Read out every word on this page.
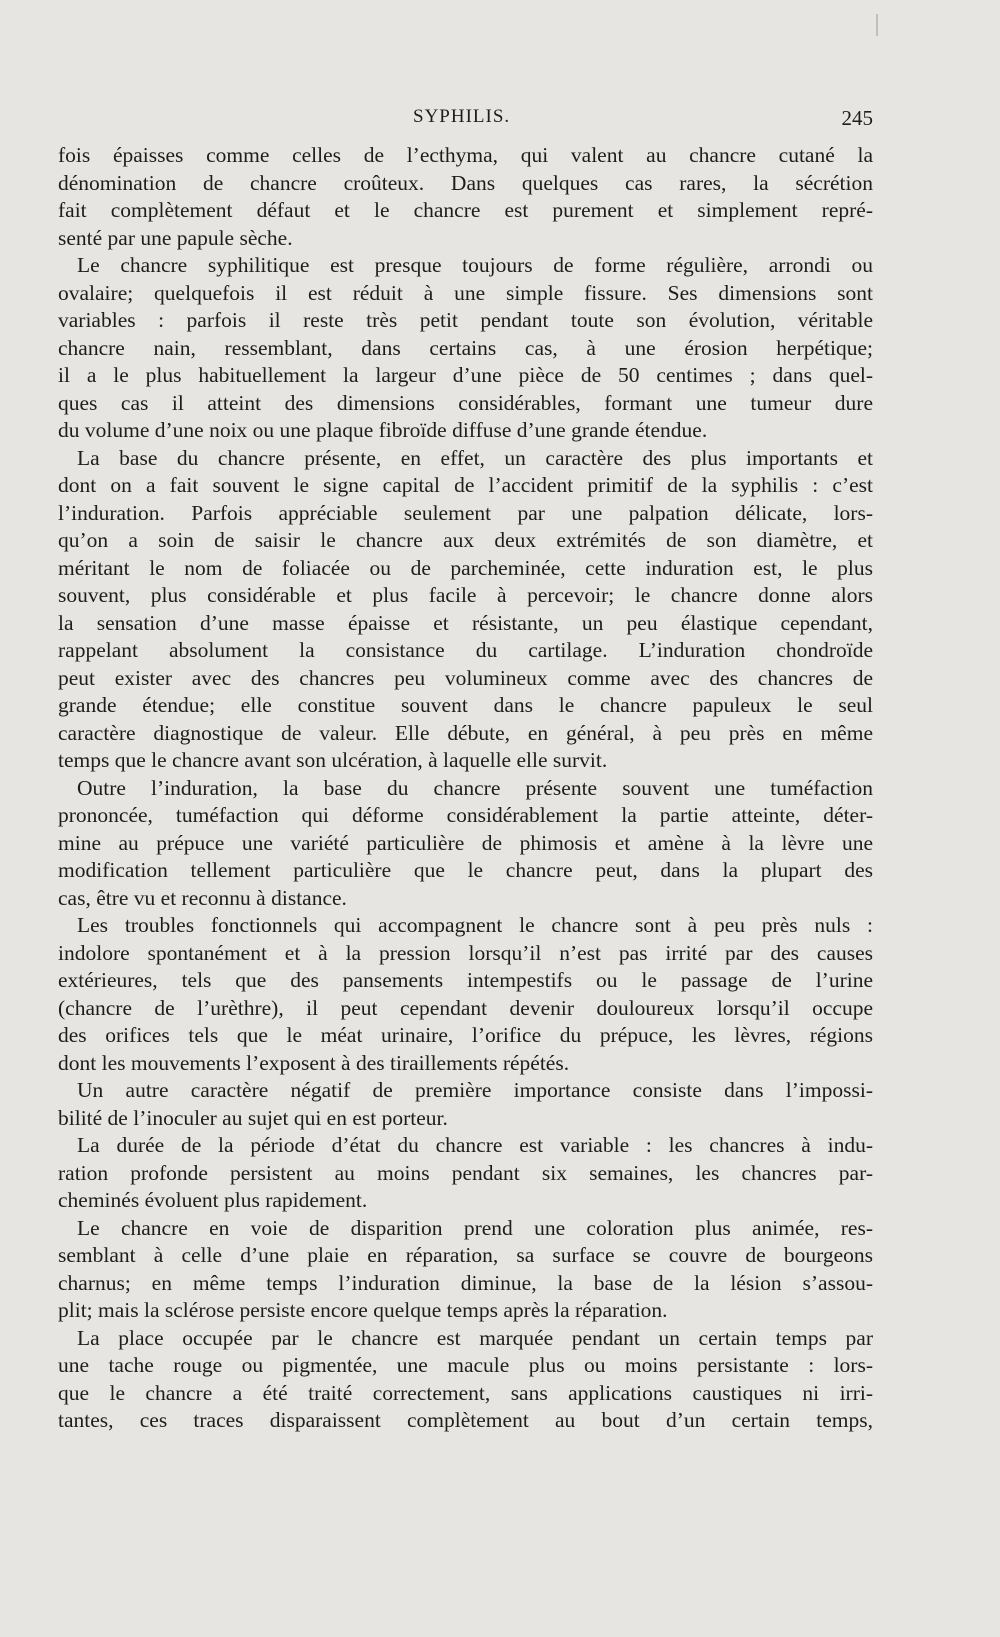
SYPHILIS.	245
fois épaisses comme celles de l’ecthyma, qui valent au chancre cutané la
dénomination de chancre croûteux. Dans quelques cas rares, la sécrétion
fait complètement défaut et le chancre est purement et simplement repré-
senté par une papule sèche.
Le chancre syphilitique est presque toujours de forme régulière, arrondi ou
ovalaire; quelquefois il est réduit à une simple fissure. Ses dimensions sont
variables : parfois il reste très petit pendant toute son évolution, véritable
chancre nain, ressemblant, dans certains cas, à une érosion herpétique;
il a le plus habituellement la largeur d’une pièce de 50 centimes ; dans quel-
ques cas il atteint des dimensions considérables, formant une tumeur dure
du volume d’une noix ou une plaque fibroïde diffuse d’une grande étendue.
La base du chancre présente, en effet, un caractère des plus importants et
dont on a fait souvent le signe capital de l’accident primitif de la syphilis : c’est
l’induration. Parfois appréciable seulement par une palpation délicate, lors-
qu’on a soin de saisir le chancre aux deux extrémités de son diamètre, et
méritant le nom de foliacée ou de parcheminée, cette induration est, le plus
souvent, plus considérable et plus facile à percevoir; le chancre donne alors
la sensation d’une masse épaisse et résistante, un peu élastique cependant,
rappelant absolument la consistance du cartilage. L’induration chondroïde
peut exister avec des chancres peu volumineux comme avec des chancres de
grande étendue; elle constitue souvent dans le chancre papuleux le seul
caractère diagnostique de valeur. Elle débute, en général, à peu près en même
temps que le chancre avant son ulcération, à laquelle elle survit.
Outre l’induration, la base du chancre présente souvent une tuméfaction
prononcée, tuméfaction qui déforme considérablement la partie atteinte, déter-
mine au prépuce une variété particulière de phimosis et amène à la lèvre une
modification tellement particulière que le chancre peut, dans la plupart des
cas, être vu et reconnu à distance.
Les troubles fonctionnels qui accompagnent le chancre sont à peu près nuls :
indolore spontanément et à la pression lorsqu’il n’est pas irrité par des causes
extérieures, tels que des pansements intempestifs ou le passage de l’urine
(chancre de l’urèthre), il peut cependant devenir douloureux lorsqu’il occupe
des orifices tels que le méat urinaire, l’orifice du prépuce, les lèvres, régions
dont les mouvements l’exposent à des tiraillements répétés.
Un autre caractère négatif de première importance consiste dans l’impossi-
bilité de l’inoculer au sujet qui en est porteur.
La durée de la période d’état du chancre est variable : les chancres à indu-
ration profonde persistent au moins pendant six semaines, les chancres par-
cheminés évoluent plus rapidement.
Le chancre en voie de disparition prend une coloration plus animée, res-
semblant à celle d’une plaie en réparation, sa surface se couvre de bourgeons
charnus; en même temps l’induration diminue, la base de la lésion s’assou-
plit; mais la sclérose persiste encore quelque temps après la réparation.
La place occupée par le chancre est marquée pendant un certain temps par
une tache rouge ou pigmentée, une macule plus ou moins persistante : lors-
que le chancre a été traité correctement, sans applications caustiques ni irri-
tantes, ces traces disparaissent complètement au bout d’un certain temps,
